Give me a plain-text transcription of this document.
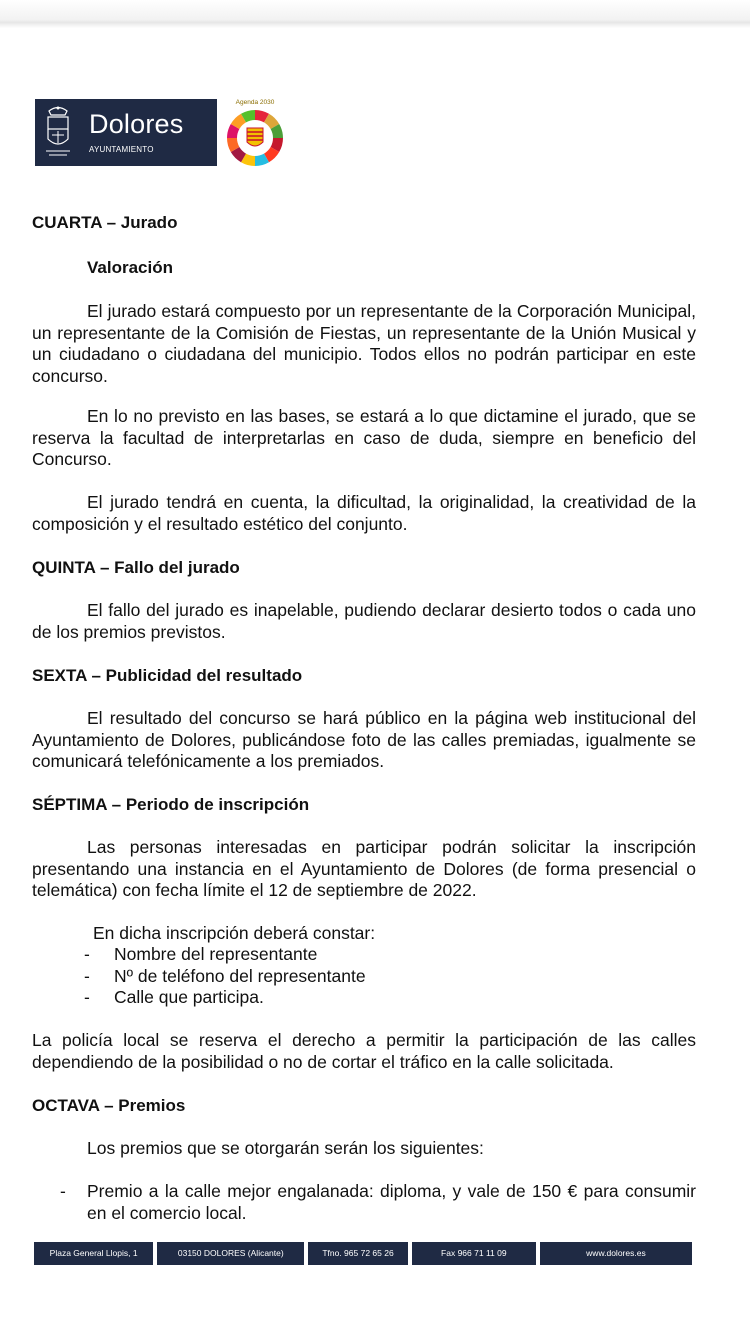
Dolores
AYUNTAMIENTO
Agenda 2030
CUARTA – Jurado
Valoración
El jurado estará compuesto por un representante de la Corporación Municipal, un representante de la Comisión de Fiestas, un representante de la Unión Musical y un ciudadano o ciudadana del municipio. Todos ellos no podrán participar en este concurso.
En lo no previsto en las bases, se estará a lo que dictamine el jurado, que se reserva la facultad de interpretarlas en caso de duda, siempre en beneficio del Concurso.
El jurado tendrá en cuenta, la dificultad, la originalidad, la creatividad de la composición y el resultado estético del conjunto.
QUINTA – Fallo del jurado
El fallo del jurado es inapelable, pudiendo declarar desierto todos o cada uno de los premios previstos.
SEXTA – Publicidad del resultado
El resultado del concurso se hará público en la página web institucional del Ayuntamiento de Dolores, publicándose foto de las calles premiadas, igualmente se comunicará telefónicamente a los premiados.
SÉPTIMA – Periodo de inscripción
Las personas interesadas en participar podrán solicitar la inscripción presentando una instancia en el Ayuntamiento de Dolores (de forma presencial o telemática) con fecha límite el 12 de septiembre de 2022.
En dicha inscripción deberá constar:
- Nombre del representante
- Nº de teléfono del representante
- Calle que participa.
La policía local se reserva el derecho a permitir la participación de las calles dependiendo de la posibilidad o no de cortar el tráfico en la calle solicitada.
OCTAVA – Premios
Los premios que se otorgarán serán los siguientes:
- Premio a la calle mejor engalanada: diploma, y vale de 150 € para consumir en el comercio local.
Plaza General Llopis, 1	03150 DOLORES (Alicante)	Tfno. 965 72 65 26	Fax 966 71 11 09	www.dolores.es
